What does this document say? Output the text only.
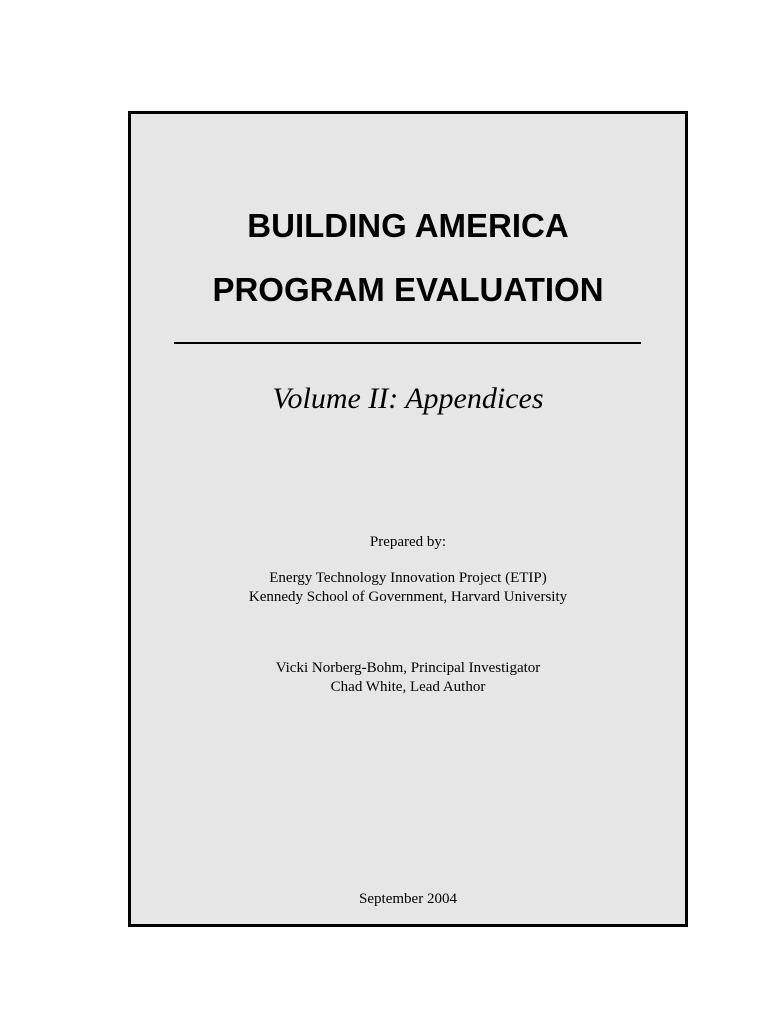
BUILDING AMERICA
PROGRAM EVALUATION
Volume II: Appendices
Prepared by:
Energy Technology Innovation Project (ETIP)
Kennedy School of Government, Harvard University
Vicki Norberg-Bohm, Principal Investigator
Chad White, Lead Author
September 2004
